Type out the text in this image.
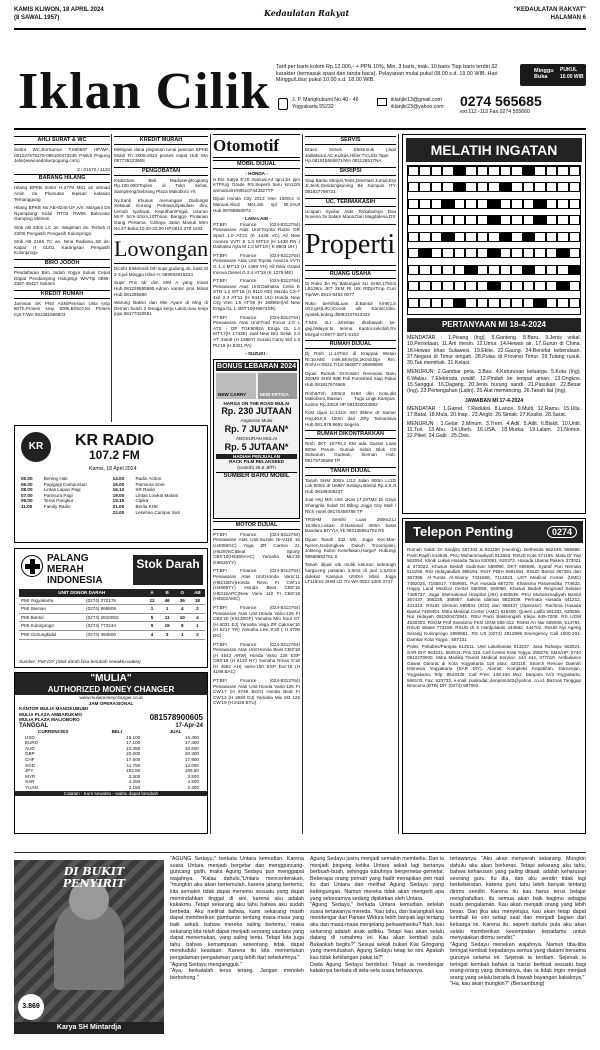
KAMIS KLIWON, 18 APRIL 2024
(8 SAWAL 1957)	Kedaulatan Rakyat	"KEDAULATAN RAKYAT"
HALAMAN 6
Iklan Cilik Tarif per baris kolom Rp.12.000,- + PPN 10%, Min. 3 baris, mak. 10 baris Tiap baris terdiri 32 karakter (termasuk spasi dan tanda baca). Pelayanan mulai pukul 08.00 s.d. 19.00 WIB. Hari Minggu/Libur pukul 10.00 s.d. 18.00 WIB.
Minggu Buka
PUKUL 10.00 WIB
J. P. Mangkubumi No.40 - 46
Yogyakarta 55232
iklanjkr13@gmail.com
iklanjkr23@yahoo.com 0274 565685
ext.112 -113 Fax.0274 555660
AHLI SURAT & WC
Sedot WC,BorSumur T.560597 HP/WA: 081227575279-085100473235 P.Widi Pogung Jetis(www.sedotwcpogung.com)
3 / 01570 / 1123
BARANG HILANG
Hilang BPKB motor H.2779 M61 an ahmad Amin da Plumutan tepisari kalasan Temanggung
Hilang BPKB No:AB-8240-UF A/n: Margani Ds Nyamplung Kidul RT03 RW05 Balecatur Gamping Sleman
Stnk AB 4302 LC an. Wagiman ds. Terbah rt 23/06 Pengasih Pengasih Kulonprogo
Stnk AB 2165 TC an. Nina Radiana.,SE ds. Kapat rt 01/01 Karangsari Pengasih Kulonprogo
BIRO JODOH
Pendaftaran Biro Jodoh Yogya Solusi Cepat Dapat Pendamping HidupSgr WA/Tlp 0895-3367-39427 Sukses
KREDIT RUMAH
Jaminan SK PNS ASN/Pensiun Usia smp 80Th,Proses smp 500k,Bi/ScCrer Proses Cpt.T/WA 081381696833
KR	KR RADIO
107.2 FM
Kamis, 18 April 2024
05.00	Bening Hati	14.00	Radio Action
06.00	Pagigagi Campursari	16.00	Pamsura Sore
08.00	Lintas Lapan Pagi	16.10	KR Radio
07.00	Pamsura Pagi	19.00	Lintas Lowkin Malam
09.00	Teras Pangkur	19.15	Cipika
11.00	Family Radio	21.00	Berita KHK
		22.00	Lesehan Campur Sari
PALANG MERAH INDONESIA
Stok Darah
UNIT DONOR DARAH		A	B	O	AB
PMI Yogyakarta	(0274) 372176	22	46	36	18
PMI Sleman	(0274) 869909	1	1	4	2
PMI Bantul	(0274) 2810062	5	11	10	4
PMI Kulonprogo	(0274) 773244	9	19	8	1
PMI Gunungkidul	(0274) 394600	4	3	1	2
Sumber: PMI DIY (Stok darah bisa berubah sewaktu-waktu)
"MULIA"
AUTHORIZED MONEY CHANGER
www.muliamoneychanger.co.id
JAM OPERASIONAL
KANTOR MULIA MANGKUBUMI
MULIA PLAZA AMBARUKMO
MULIA PLAZA MALIOBORO	081578900605
TANGGAL	17-Apr-24
CURRENCIES	BELI	JUAL
USD	16.100	16.400
EURO	17.100	17.400
AUD	10.350	10.600
GBP	20.000	20.300
CHF	17.600	17.900
SGD	11.750	12.000
JPY	103,50	108,50
MYR	3.300	3.500
SAR	4.250	4.500
YUAN	2.150	2.300
Catatan : Kurs sewaktu - waktu dapat berubah
KREDIT MURAH
Melayani dana pinjaman tunai jaminan BPKB Mobil Th 2005-2024 proses cepat Hub WA 087739223668
PENGOBATAN
Ksat2Jam Bali Madusenj/Kopiang Rp.100.000/Toples di Toko Sehat, Sampireng/Sebrang Plaza Malioboro Yk
Ny.Santi Khusus menangani Diafungsi Seksual Kurang Perkasa,Ejakulasi dini, Lemah syahwat, Keputhan/Frigid. Ukuran Mr.P 5cm-10cm,10Thnan Banggo Prolanan Gang Pertama, Cahaya Jalan Masuk 50m No.47 Buka:10.00-20.00 HP.0812 278 1193
Lowongan
Dicribr Elektronik bth supir,gudang,ob, kasir,Sl 2-3,juli Minggu Hbur H: 089092815224
Supir Prix tdr dim SIM A yang minat Hub.081229555990,Admin kantor pria Minat Hub.081295590
Warung Bakso dan Mie Ayam di Mng di Demen butuh 2 tenaga kerja Laki2,mau kerja jujur.08177020591
Otomotif
MOBIL DIJUAL
- HONDA -
H.Rio Satya E'20 manual,A4 tgn1,bs pjm KTP/Ug Grade RS,Seperti baru km12rb an/nama/Hr085107443327TP
Dijual Honda City 2013 Vtec 1500cc S Manual,Abu2 Met,Jok spl Bt.1%Jt Hub.08768560872
- LAIN-LAIN -
PT.BFI Finance (024-8312764) Penawaran Atas Unit:Toyota Raize GR Sport 1.0 AT21 (K 1426 VC) All New Avanza VVTI E 1.3 MT'13 (H 1438 RN ) Daihatsu Ayla M 1.0 MT'19 ( K 8903 UH )
PT.BFI Finance (024-8312764) Penawaran Atas Unit:Toyota Avanza VVTI G 1.3 MT'12 (H 1499 YH) All New Grand Innova Diesel G 2.4 AT'18 (K 1279 ME)
PT.BFI Finance (024-8312764) Penawaran Atas Unit:Daihatsu Ceria E STD 1.2 MT'18 (H 9110 ND) Mazda CX-7 4x2 2.3 AT'11 (H 8443 UU) Honda New City Vtec 1.5 AT'08 (H 1885NH)All New Ertiga GL 1.4MT'19(H8874SR)
PT.BFI Finance (024-8312764) Penawaran Atas Unit:Ford Focus 2.0 L ATS - DP TGK9082A Ertiga GL 1.4 MT'17(H 1743E) Jual New Bro Seluk 2.3 AT' 2Ian8 (H 1696Y) Suzuki Carry Std 1.5 PU'18 (H 8321 PA)
- SUZUKI -
BONUS LEBARAN 2024
NEW CARRY	NEW ERTIGA
HARGA ON THE ROAD MULAI
Rp. 230 JUTAAN
Angsuran Mulai
Rp. 7 JUTAAN*
ANGSURAN MULAI
Rp. 5 JUTAAN*
HADIAH PENJUALAN
RACK FILM RELAKSEED
(contoh) 26,5 Jt/Th
SUMBER BARU MOBIL
MOTOR DIJUAL
PT.BFI Finance (024-8312764) Penawaran Atas Unit:Suzuki Ni-V110 16 (H4059GC) Yoga ZR Carson 21 (H5297KC)Beat Sporty CBS'19(H5390AAC) Yamaha Mio'18 (H6525YY)
PT.BFI Finance (024-8312764) Penawaran Atas Unit:Honda Vario'11 (H6215DV)Honda Revo FI CW'14 (H4869YY) Honda Beat CBS'18 (H5315APC)New Vario 110 FI CBS'18 (H4502AMC)
PT.BFI Finance (024-8312764) Penawaran Atas Unit:Honda Vario-125 FI CBS'20 (K5128GF) Yamaha Mio Soul GT (H 6031 EJ) Yamaha Vega ZR Cakrow'10 (H 5217 YR) Yamaha Lexi S'20 ( H 4729 DG)
PT.BFI Finance (024-8312764) Penawaran Atas Unit:Honda Beat CBS'19 (H 4543 ARW) Honda Vario 125 ESP CBS'15 (H 6133 NY) Yamaha Nmax S'18 (H 4592 AH) Vario-150 ESP Exc'18 (H 4198 BAC)
PT.BFI Finance (024-8312764) Penawaran Atas Unit:Honda Vario-125 FI CW'17 (H 5748 BGG) Honda Beat FI CW'12 (H 2660 DJ) Yamaha Mio M3 125 CW'19 (H 2426 BTU)
SERVIS
Bravo Servis Elektronik (Jual JadiMsout,AC,Kulkas,Hifier,TV,LED,Tape Hp.081915555971/WA 081126517NA
SKRIPSI
Siap Bantu Skripsi,Tesis,Disertasi Jurnal,Erp Jl.Jenk,Gendongkuning Bk Kampus ITY 081827798721
UC. TERIMAKASIH
Ucapan Syukur Atas Terkabulnya Doa Novena 3x Salam Maria,Dari Magdalena DS
Properti
RUANG USAHA
Dj Ruko Jln Ry Bakungan 2Lt SHM,175m2 LB136m JKT 3KM Rt Utk RtDprTmp Cuci Tip/WA 0813-8484 0077
Ruko bersih&Luas Jl.Bantul km9(1,b otr2,grs(L/Kc)Cocok utk Kantor,toko, Apotek,bnkng.dlt083107643322
T.64m 2Lt 2Kestas 2kebawah ke- gaji,bMayor.ts terima Kantor,sekolah,Rv Morgal H:0877-3871-6103
RUMAH DIJUAL
Dj Rmh Lt.147m2 di Krapyak Wetan Rt:10,Mst mek,6Kmr(bt,2Kmd,Dpr Rm, Rmhr.H:0822.Tr1st.Nk0877-36999809
Dijual Rumah Dr.Kraton Renovasi Baru 300Mtr SHM IMB Full Furnished Siap Pakai Hub.081817674665
Rmh&Tnh 100m2 SHM dlm Kota,dkt Malioboro,Stasiun Tugu,Lingk.Kampus, Kantor Rp.330Jt HP 081320033982
Kost djual Lt.131m SKt 36kmr dr Samar ring.40Jt,6 100m dari JIRy Tamanlova Hub.081.878.8692 Segera
RUMAH DIKONTRAKKAN
Rmh 3KT 1KTRr,2 KM ada Garasi Luas 800w Perum Gumuk Indah Blok C9 Sidoarum Godean, Sleman Hub. 08179735558 TP
TANAH DIJUAL
Tanah SHM 300m Lt12 Jalan 800m Lc2D Lok 600m dr UMBY Sedayu Bantul Rp.2,8 Jt Hub 08189408237
Jual Hrg Mrh Unit 1Kav LT.297M2 Di Griya Shangrila Indah Dl Bibng Jogja City Mall / Rich Hotel.08175458786 TP
TRSHM Semliti Luas 299m2,Lt 15,8km,Lokasi Jl.Nasional 400m barat Bandara BIYYIA.Yk 082135651702 Rh
Dijual Tanah 332 M2, Jogja Kec.Mar- Njeren,Gedongkuw Dukuh Trooroyasri, Jokteng Kulon Kesefakan,Harga? Hubungi 08588652701 S
Tanah dijual utk mulik keluran sebrangh harga.Hrg pasaran 3,8m2 di jual 1,5Jtm2 didekat Kampus UNISA Mlati Jogja LT115m2 SHM LD 7m WA 0822 1000 3747
MELATIH INGATAN
PERTANYAAN MI 18-4-2024
MENDATAR : 1.Pisang (Ing). 5.Ganteng. 8.Baru. 9.Jenis vokal. 10.Persetaan. 11.Arti mesin. 12.Umur. 14.Hewan air. 17.Gurun di China. 18.Hewan khas Sulawesi. 19.Ekite. 22.Gaung. 24.Bersifat kebendaan. 27.Negara di Timur tengah. 28.Pulau di Provinsi Timur. 29.Tulang rusuk. 30.Tak memihak. 31.Kelasi.
MENURUN: 2.Gambar peta. 3.Bau. 4.Keturunan keluarga. 5.Kota (Ing). 6.Walau. 7.Elektroda positif. 12.Pindah ke tempat aman. 13.Ongkos. 15.Sanggul. 16.Dagang. 20.Jenis burung sandi. 21.Pasukan. 22.Besar (Ing). 23.Pertengahan (Latin). 25.Alat memancing. 26.Tanah liat (Ing).
JAWABAN MI 17-4-2024
MENDATAR : 1.Garret. 7.Reduksi. 8.Lance. 9.Multi. 12.Ramu. 15.Ulla. 17.Batal. 18.Mula. 20.Inap . 23.Anglo. 26.Simak. 27.Koalisi. 28.Sarat.
MENURUN : 1.Gelar. 2.Minum. 3.Trem. 4.Adil. 5.Atlit. 6.Biskit. 10.Until. 11.Tuli. 13.Abu. 14.Ubeh. 16.USA. 18.Murka. 19.Lalam. 21.Nomor. 22.Piket. 24.Gaib . 25.Osis.
Telepon Penting	0274
Rumah Sakit: Dr Sardjito 587333 & 831190 (Hunting). Bethesda 562246, 586688. Panti Rapih 514845. PKU Muhammadiyah 512653. RSUD Kota 371195. Mata Dr Yap 562054. Klinik Lukas Husada Tama 620091, 620373. Husada Utama Pakem 373021 & 372022. Khusus Bedah Sudirman 589090. DKT 566596. Syaraf Puri Nirmala 515255. RSI Hidayatullah 389194. RSIY PDHI 6991084. RSUD Bantul 367381 dan 367386. Al-Turots Al-Islamy 7431668, 7114823. UST Medical Center (UMC) 7492025, 7165917, 7459681. Puri Husada 867270. Kharisma Paramedika 774633. Happy Land Medical Center 550058, 550060. Khusus Bedah Ringroad Selatan 7485737. Jogja International Hospital (JIH) 4463535. PKU Muhammadiyah Bantul 367437, 368238, 368587. Sakina Idaman 5823039. Permata Husada 441212, 441313. RSUD Sleman 865934 (IGD) dan 868437 (Operator). Rachma Husada Bantul 7459464. Mitra Medical Center (AMC) 618400. Queen Latifa 581402, 620555. Nur Hidayah 081500472941. RSU Panti Baktiningsih Klepu 649-7209. RS UGM 4530303. RSGM Prof Soedomo FKG UGM 555-312. RSKB An Nur 585848, 514784. RSUD Wates 773169. RSUD dr S Hardjolukito 444562, 444702. RSUD Nyi Ageng Serang Kulonprogo 2890661. RS UII (0274) 2812999 Emergency Call 1500-204. Damkar Kota Yogya : 587101
Polisi: Poltabes/Pampta 512511. Unit Laka/lantas 513237. Jasa Raharja: 562521. SAR DIY: 563231, 562811. Pos 319. Cell Center Kota Yogya: 290276, SMS/HP: 2740 0812278000. Mitra Medika Tourist Medical Service: 444 444, 377019. Ambulance Gawat Darurat di Kota Yogyakarta 118 atau: 420118. Search Rescue Daerah Istimewa Yogyakarta (SAR DIY), Alamat: Kompleks Kepatihan, Danurejan, Yogyakarta, Telp: 8543339, Call Free: 148.160 Mnz. Danpom IV/2 Yogyakarta: 566103, Fax: 623733, e-mail: puskodal_denpom4d2@yahoo. co.id. Baznas Tanggap Bencana (BTB) DIY (0274) 587062.
DI BUKIT PENYIRIT
3.869
Karya SH Mintardja
"AGUNG Sedayu," berkata Untara kemudian. Karena suara Untara menjadi bergetar dan mengguncang-guncang galih, maka Agung Sedayu pun menggapai wajahnya. "Kalau dahulu,"Untara menceriterakan, "mungkin aku akan bertemulah, karena jarang bertemu, kita semakin tidak dapat menemu sesuatu yang dapat memindahkan tinggal di sini, karena aku adalah kakakmu. Tetapi sekarang aku tahu bahwa aku sudah berbeda. Aku melihat bahwa, kami sekarang masih dapat memberikan gambaran tentang masa-masa yang baik sekali, bahwa mereka saling bertemu, maka sekarang kita telah dapat menjadi seorang saudara yang dapat menemukan, yang saling tentu. Tetapi kita juga tahu bahwa kemampuan seseorang tidak dapat menduduki keadaan. Karena itu kita memerlukan pengalaman-pengalaman yang lebih dari sebelumnya."
"Agung Sedayu mengangguk."
"Aya, berkatalah terus terang. Jangan menoleh berbohong."
Agung Sedayu justru menjadi semakin membeku. Dan ia menjadi bingung ketika Untara sekali lagi bertanya berbuah-buah, sehingga tubuhnya bergemetar-gemetar. Beberapa orang pernah yang hadir merapikan peti mati itu dari Untara dan melihat Agung Sedayu yang kebingungan. Namun mereka tidak akan mengerti apa yang sebenarnya sedang dipikirkan oleh Untara.
"Agung Sedayu," berkata Untara kemudian setelah suara tertawanya mereda. "kau tahu, dan barangkali kau mendengar dari Paman Widura lebih banyak lagi tentang aku dan masa-masa menjelang perkawinanku? Nah, kau sekarang adalah anak adikku. Tetapi kau akan selalu datang di rumahmu ini. Kau akan kembali pula. Bukankah begitu?" Sesuai sekali bukan Kiai Gringsing yang memutuskan, Agung Sedayu tetap ke sini. Apakah kau tidak kehilangan pakai ta?"
Dada Agung Sedayu berdebur. Tetapi ia mendengar kakaknya berkata di sela-sela suara tertawanya.
tertawanya, "Aku akan menyerah sekarang. Mungkin dahulu aku akan berkeras. Tetapi sekarang aku tahu, bahwa keharusan yang paling ditaati, adalah keharusan seorang guru. Itu dia, dan aku sendiri tidak lagi berkeberatan, karena guru tahu lebih banyak tentang dirimu sendiri. Karena itu kau harus terus belajar menghafalkan. Itu semua akan baik bagimu sebagai suatu pengalaman. Kau akan menjadi orang yang lebih besar. Dan jika aku menyetujui, kau akan tetap dapat kembali ke sini setiap saat dan menjadi bagian dari keluarga ini. Karena itu, seperti dahulu pula aku akan selalu memberikan kesempatan kepadamu untuk menyatakan dirimu sendiri."
"Agung Sedayu menekan wajahnya. Namun tiba-tiba teringat kembali kepadanya semua yang dialami bersama gurunya selama ini. Sejenak ia terdiam. Sejenak ia teringat kembali bahwa ia harus berbuat sesuatu bagi orang-orang yang dicintainya, dan ia tidak ingin menjadi orang yang selalu berada di bawah bayangan kakaknya."
"Ha, kau akan mungkin?" (Bersambung)
